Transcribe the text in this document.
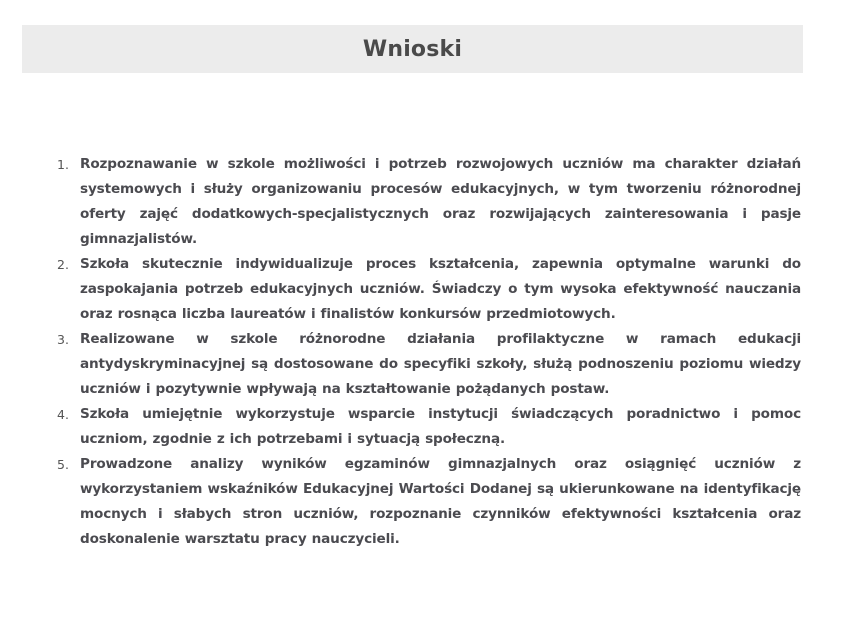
Wnioski
1. Rozpoznawanie w szkole możliwości i potrzeb rozwojowych uczniów ma charakter działań systemowych i służy organizowaniu procesów edukacyjnych, w tym tworzeniu różnorodnej oferty zajęć dodatkowych-specjalistycznych oraz rozwijających zainteresowania i pasje gimnazjalistów.
2. Szkoła skutecznie indywidualizuje proces kształcenia, zapewnia optymalne warunki do zaspokajania potrzeb edukacyjnych uczniów. Świadczy o tym wysoka efektywność nauczania oraz rosnąca liczba laureatów i finalistów konkursów przedmiotowych.
3. Realizowane w szkole różnorodne działania profilaktyczne w ramach edukacji antydyskryminacyjnej są dostosowane do specyfiki szkoły, służą podnoszeniu poziomu wiedzy uczniów i pozytywnie wpływają na kształtowanie pożądanych postaw.
4. Szkoła umiejętnie wykorzystuje wsparcie instytucji świadczących poradnictwo i pomoc uczniom, zgodnie z ich potrzebami i sytuacją społeczną.
5. Prowadzone analizy wyników egzaminów gimnazjalnych oraz osiągnięć uczniów z wykorzystaniem wskaźników Edukacyjnej Wartości Dodanej są ukierunkowane na identyfikację mocnych i słabych stron uczniów, rozpoznanie czynników efektywności kształcenia oraz doskonalenie warsztatu pracy nauczycieli.
